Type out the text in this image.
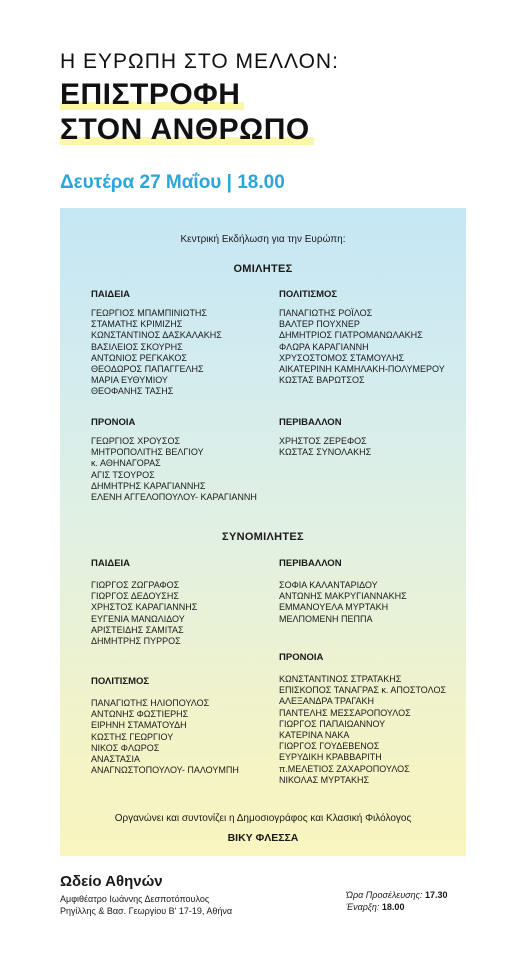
Η ΕΥΡΩΠΗ ΣΤΟ ΜΕΛΛΟΝ:
ΕΠΙΣΤΡΟΦΗ
ΣΤΟΝ ΑΝΘΡΩΠΟ
Δευτέρα 27 Μαΐου | 18.00
Κεντρική Εκδήλωση για την Ευρώπη:
ΟΜΙΛΗΤΕΣ
ΠΑΙΔΕΙΑ
ΓΕΩΡΓΙΟΣ ΜΠΑΜΠΙΝΙΩΤΗΣ
ΣΤΑΜΑΤΗΣ ΚΡΙΜΙΖΗΣ
ΚΩΝΣΤΑΝΤΙΝΟΣ ΔΑΣΚΑΛΑΚΗΣ
ΒΑΣΙΛΕΙΟΣ ΣΚΟΥΡΗΣ
ΑΝΤΩΝΙΟΣ ΡΕΓΚΑΚΟΣ
ΘΕΟΔΩΡΟΣ ΠΑΠΑΓΓΕΛΗΣ
ΜΑΡΙΑ ΕΥΘΥΜΙΟΥ
ΘΕΟΦΑΝΗΣ ΤΑΣΗΣ
ΠΟΛΙΤΙΣΜΟΣ
ΠΑΝΑΓΙΩΤΗΣ ΡΟΪΛΟΣ
ΒΑΛΤΕΡ ΠΟΥΧΝΕΡ
ΔΗΜΗΤΡΙΟΣ ΓΙΑΤΡΟΜΑΝΩΛΑΚΗΣ
ΦΛΩΡΑ ΚΑΡΑΓΙΑΝΝΗ
ΧΡΥΣΟΣΤΟΜΟΣ ΣΤΑΜΟΥΛΗΣ
ΑΙΚΑΤΕΡΙΝΗ ΚΑΜΗΛΑΚΗ-ΠΟΛΥΜΕΡΟΥ
ΚΩΣΤΑΣ ΒΑΡΩΤΣΟΣ
ΠΡΟΝΟΙΑ
ΓΕΩΡΓΙΟΣ ΧΡΟΥΣΟΣ
ΜΗΤΡΟΠΟΛΙΤΗΣ ΒΕΛΓΙΟΥ
κ. ΑΘΗΝΑΓΟΡΑΣ
ΑΓΙΣ ΤΣΟΥΡΟΣ
ΔΗΜΗΤΡΗΣ ΚΑΡΑΓΙΑΝΝΗΣ
ΕΛΕΝΗ ΑΓΓΕΛΟΠΟΥΛΟΥ- ΚΑΡΑΓΙΑΝΝΗ
ΠΕΡΙΒΑΛΛΟΝ
ΧΡΗΣΤΟΣ ΖΕΡΕΦΟΣ
ΚΩΣΤΑΣ ΣΥΝΟΛΑΚΗΣ
ΣΥΝΟΜΙΛΗΤΕΣ
ΠΑΙΔΕΙΑ
ΓΙΩΡΓΟΣ ΖΩΓΡΑΦΟΣ
ΓΙΩΡΓΟΣ ΔΕΔΟΥΣΗΣ
ΧΡΗΣΤΟΣ ΚΑΡΑΓΙΑΝΝΗΣ
ΕΥΓΕΝΙΑ ΜΑΝΩΛΙΔΟΥ
ΑΡΙΣΤΕΙΔΗΣ ΣΑΜΙΤΑΣ
ΔΗΜΗΤΡΗΣ ΠΥΡΡΟΣ
ΠΕΡΙΒΑΛΛΟΝ
ΣΟΦΙΑ ΚΑΛΑΝΤΑΡΙΔΟΥ
ΑΝΤΩΝΗΣ ΜΑΚΡΥΓΙΑΝΝΑΚΗΣ
ΕΜΜΑΝΟΥΕΛΑ ΜΥΡΤΑΚΗ
ΜΕΛΠΟΜΕΝΗ ΠΕΠΠΑ
ΠΡΟΝΟΙΑ
ΚΩΝΣΤΑΝΤΙΝΟΣ ΣΤΡΑΤΑΚΗΣ
ΕΠΙΣΚΟΠΟΣ ΤΑΝΑΓΡΑΣ κ. ΑΠΟΣΤΟΛΟΣ
ΑΛΕΞΑΝΔΡΑ ΤΡΑΓΑΚΗ
ΠΑΝΤΕΛΗΣ ΜΕΣΣΑΡΟΠΟΥΛΟΣ
ΓΙΩΡΓΟΣ ΠΑΠΑΙΩΑΝΝΟΥ
ΚΑΤΕΡΙΝΑ ΝΑΚΑ
ΓΙΩΡΓΟΣ ΓΟΥΔΕΒΕΝΟΣ
ΕΥΡΥΔΙΚΗ ΚΡΑΒΒΑΡΙΤΗ
π.ΜΕΛΕΤΙΟΣ ΖΑΧΑΡΟΠΟΥΛΟΣ
ΝΙΚΟΛΑΣ ΜΥΡΤΑΚΗΣ
ΠΟΛΙΤΙΣΜΟΣ
ΠΑΝΑΓΙΩΤΗΣ ΗΛΙΟΠΟΥΛΟΣ
ΑΝΤΩΝΗΣ ΦΩΣΤΙΕΡΗΣ
ΕΙΡΗΝΗ ΣΤΑΜΑΤΟΥΔΗ
ΚΩΣΤΗΣ ΓΕΩΡΓΙΟΥ
ΝΙΚΟΣ ΦΛΩΡΟΣ
ΑΝΑΣΤΑΣΙΑ
ΑΝΑΓΝΩΣΤΟΠΟΥΛΟΥ- ΠΑΛΟΥΜΠΗ
Οργανώνει και συντονίζει η Δημοσιογράφος και Κλασική Φιλόλογος
ΒΙΚΥ ΦΛΕΣΣΑ
Ωδείο Αθηνών
Αμφιθέατρο Ιωάννης Δεσποτόπουλος
Ρηγίλλης & Βασ. Γεωργίου Β' 17-19, Αθήνα
Ώρα Προσέλευσης: 17.30
Έναρξη: 18.00
